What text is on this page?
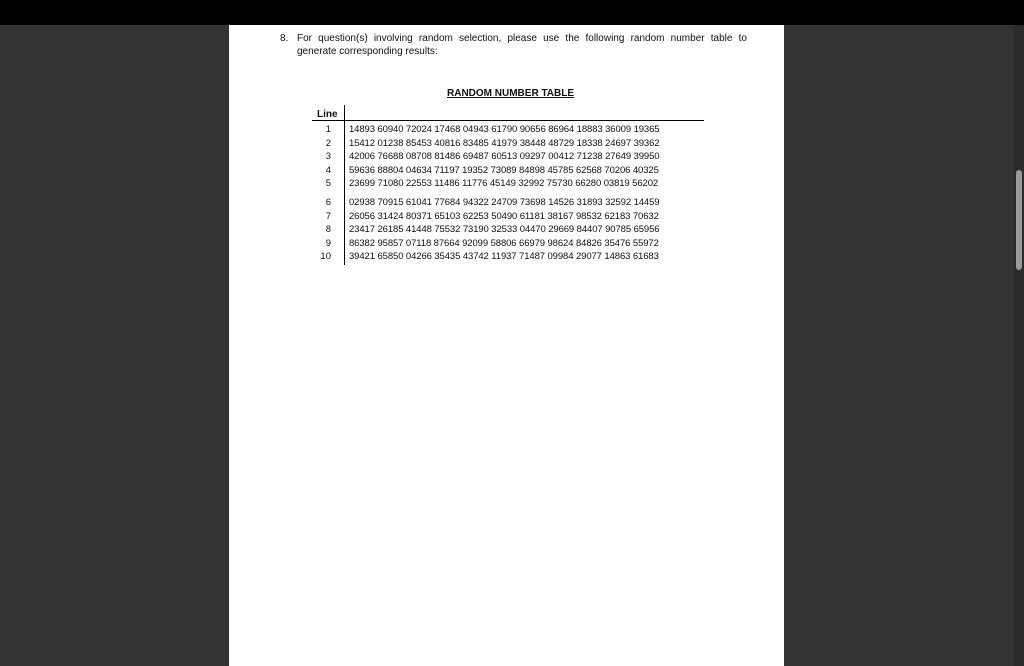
8. For question(s) involving random selection, please use the following random number table to generate corresponding results:
RANDOM NUMBER TABLE
Line
1 14893 60940 72024 17468 04943 61790 90656 86964 18883 36009 19365
2 15412 01238 85453 40816 83485 41979 38448 48729 18338 24697 39362
3 42006 76688 08708 81486 69487 60513 09297 00412 71238 27649 39950
4 59636 88804 04634 71197 19352 73089 84898 45785 62568 70206 40325
5 23699 71080 22553 11486 11776 45149 32992 75730 66280 03819 56202
6 02938 70915 61041 77684 94322 24709 73698 14526 31893 32592 14459
7 26056 31424 80371 65103 62253 50490 61181 38167 98532 62183 70632
8 23417 26185 41448 75532 73190 32533 04470 29669 84407 90785 65956
9 86382 95857 07118 87664 92099 58806 66979 98624 84826 35476 55972
10 39421 65850 04266 35435 43742 11937 71487 09984 29077 14863 61683
